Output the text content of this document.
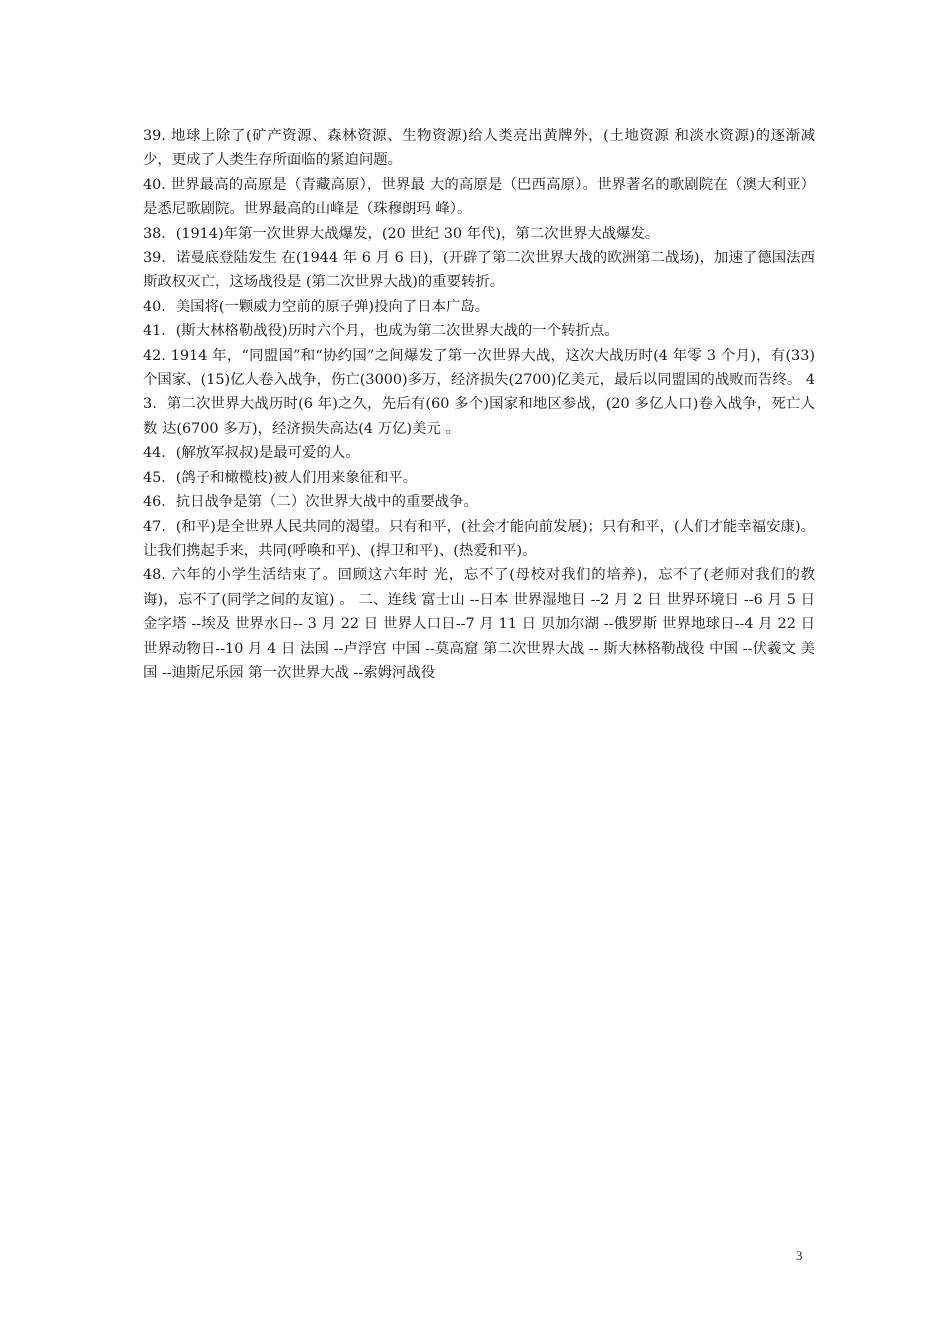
39. 地球上除了(矿产资源、森林资源、生物资源)给人类亮出黄牌外，(土地资源 和淡水资源)的逐渐减少，更成了人类生存所面临的紧迫问题。

40. 世界最高的高原是（青藏高原），世界最 大的高原是（巴西高原）。世界著名的歌剧院在（澳大利亚）是悉尼歌剧院。世界最高的山峰是（珠穆朗玛 峰）。

38．(1914)年第一次世界大战爆发，(20 世纪 30 年代)，第二次世界大战爆发。

39．诺曼底登陆发生 在(1944 年 6 月 6 日)，(开辟了第二次世界大战的欧洲第二战场)，加速了德国法西斯政权灭亡，这场战役是 (第二次世界大战)的重要转折。

40．美国将(一颗威力空前的原子弹)投向了日本广岛。

41．(斯大林格勒战役)历时六个月，也成为第二次世界大战的一个转折点。

42. 1914 年，“同盟国”和“协约国”之间爆发了第一次世界大战，这次大战历时(4 年零 3 个月)，有(33) 个国家、(15)亿人卷入战争，伤亡(3000)多万，经济损失(2700)亿美元，最后以同盟国的战败而告终。 43．第二次世界大战历时(6 年)之久，先后有(60 多个)国家和地区参战，(20 多亿人口)卷入战争，死亡人数 达(6700 多万)，经济损失高达(4 万亿)美元 。

44．(解放军叔叔)是最可爱的人。

45．(鸽子和橄榄枝)被人们用来象征和平。

46．抗日战争是第（二）次世界大战中的重要战争。

47．(和平)是全世界人民共同的渴望。只有和平，(社会才能向前发展)；只有和平，(人们才能幸福安康)。 让我们携起手来，共同(呼唤和平)、(捍卫和平)、(热爱和平)。

48. 六年的小学生活结束了。回顾这六年时 光，忘不了(母校对我们的培养)，忘不了(老师对我们的教诲)，忘不了(同学之间的友谊) 。 二、连线 富士山 --日本 世界湿地日 --2 月 2 日 世界环境日 --6 月 5 日 金字塔 --埃及 世界水日-- 3 月 22 日 世界人口日--7 月 11 日 贝加尔湖 --俄罗斯 世界地球日--4 月 22 日 世界动物日--10 月 4 日 法国 --卢浮宫 中国 --莫高窟 第二次世界大战 -- 斯大林格勒战役 中国 --伏羲文 美国 --迪斯尼乐园 第一次世界大战 --索姆河战役

3
